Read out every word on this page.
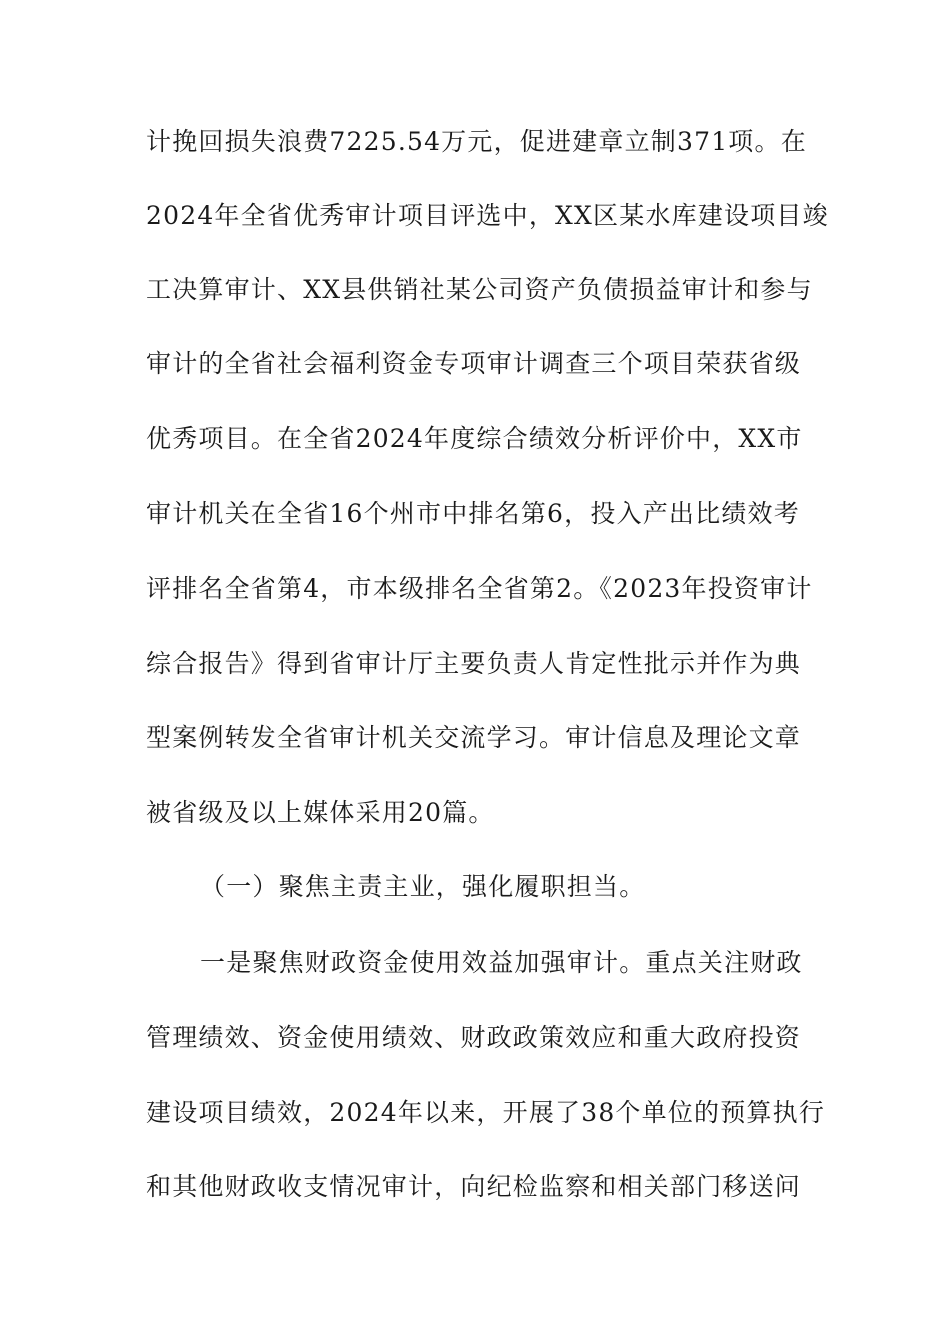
计挽回损失浪费7225.54万元，促进建章立制371项。在
2024年全省优秀审计项目评选中，XX区某水库建设项目竣
工决算审计、XX县供销社某公司资产负债损益审计和参与
审计的全省社会福利资金专项审计调查三个项目荣获省级
优秀项目。在全省2024年度综合绩效分析评价中，XX市
审计机关在全省16个州市中排名第6，投入产出比绩效考
评排名全省第4，市本级排名全省第2。《2023年投资审计
综合报告》得到省审计厅主要负责人肯定性批示并作为典
型案例转发全省审计机关交流学习。审计信息及理论文章
被省级及以上媒体采用20篇。
（一）聚焦主责主业，强化履职担当。
一是聚焦财政资金使用效益加强审计。重点关注财政
管理绩效、资金使用绩效、财政政策效应和重大政府投资
建设项目绩效，2024年以来，开展了38个单位的预算执行
和其他财政收支情况审计，向纪检监察和相关部门移送问
